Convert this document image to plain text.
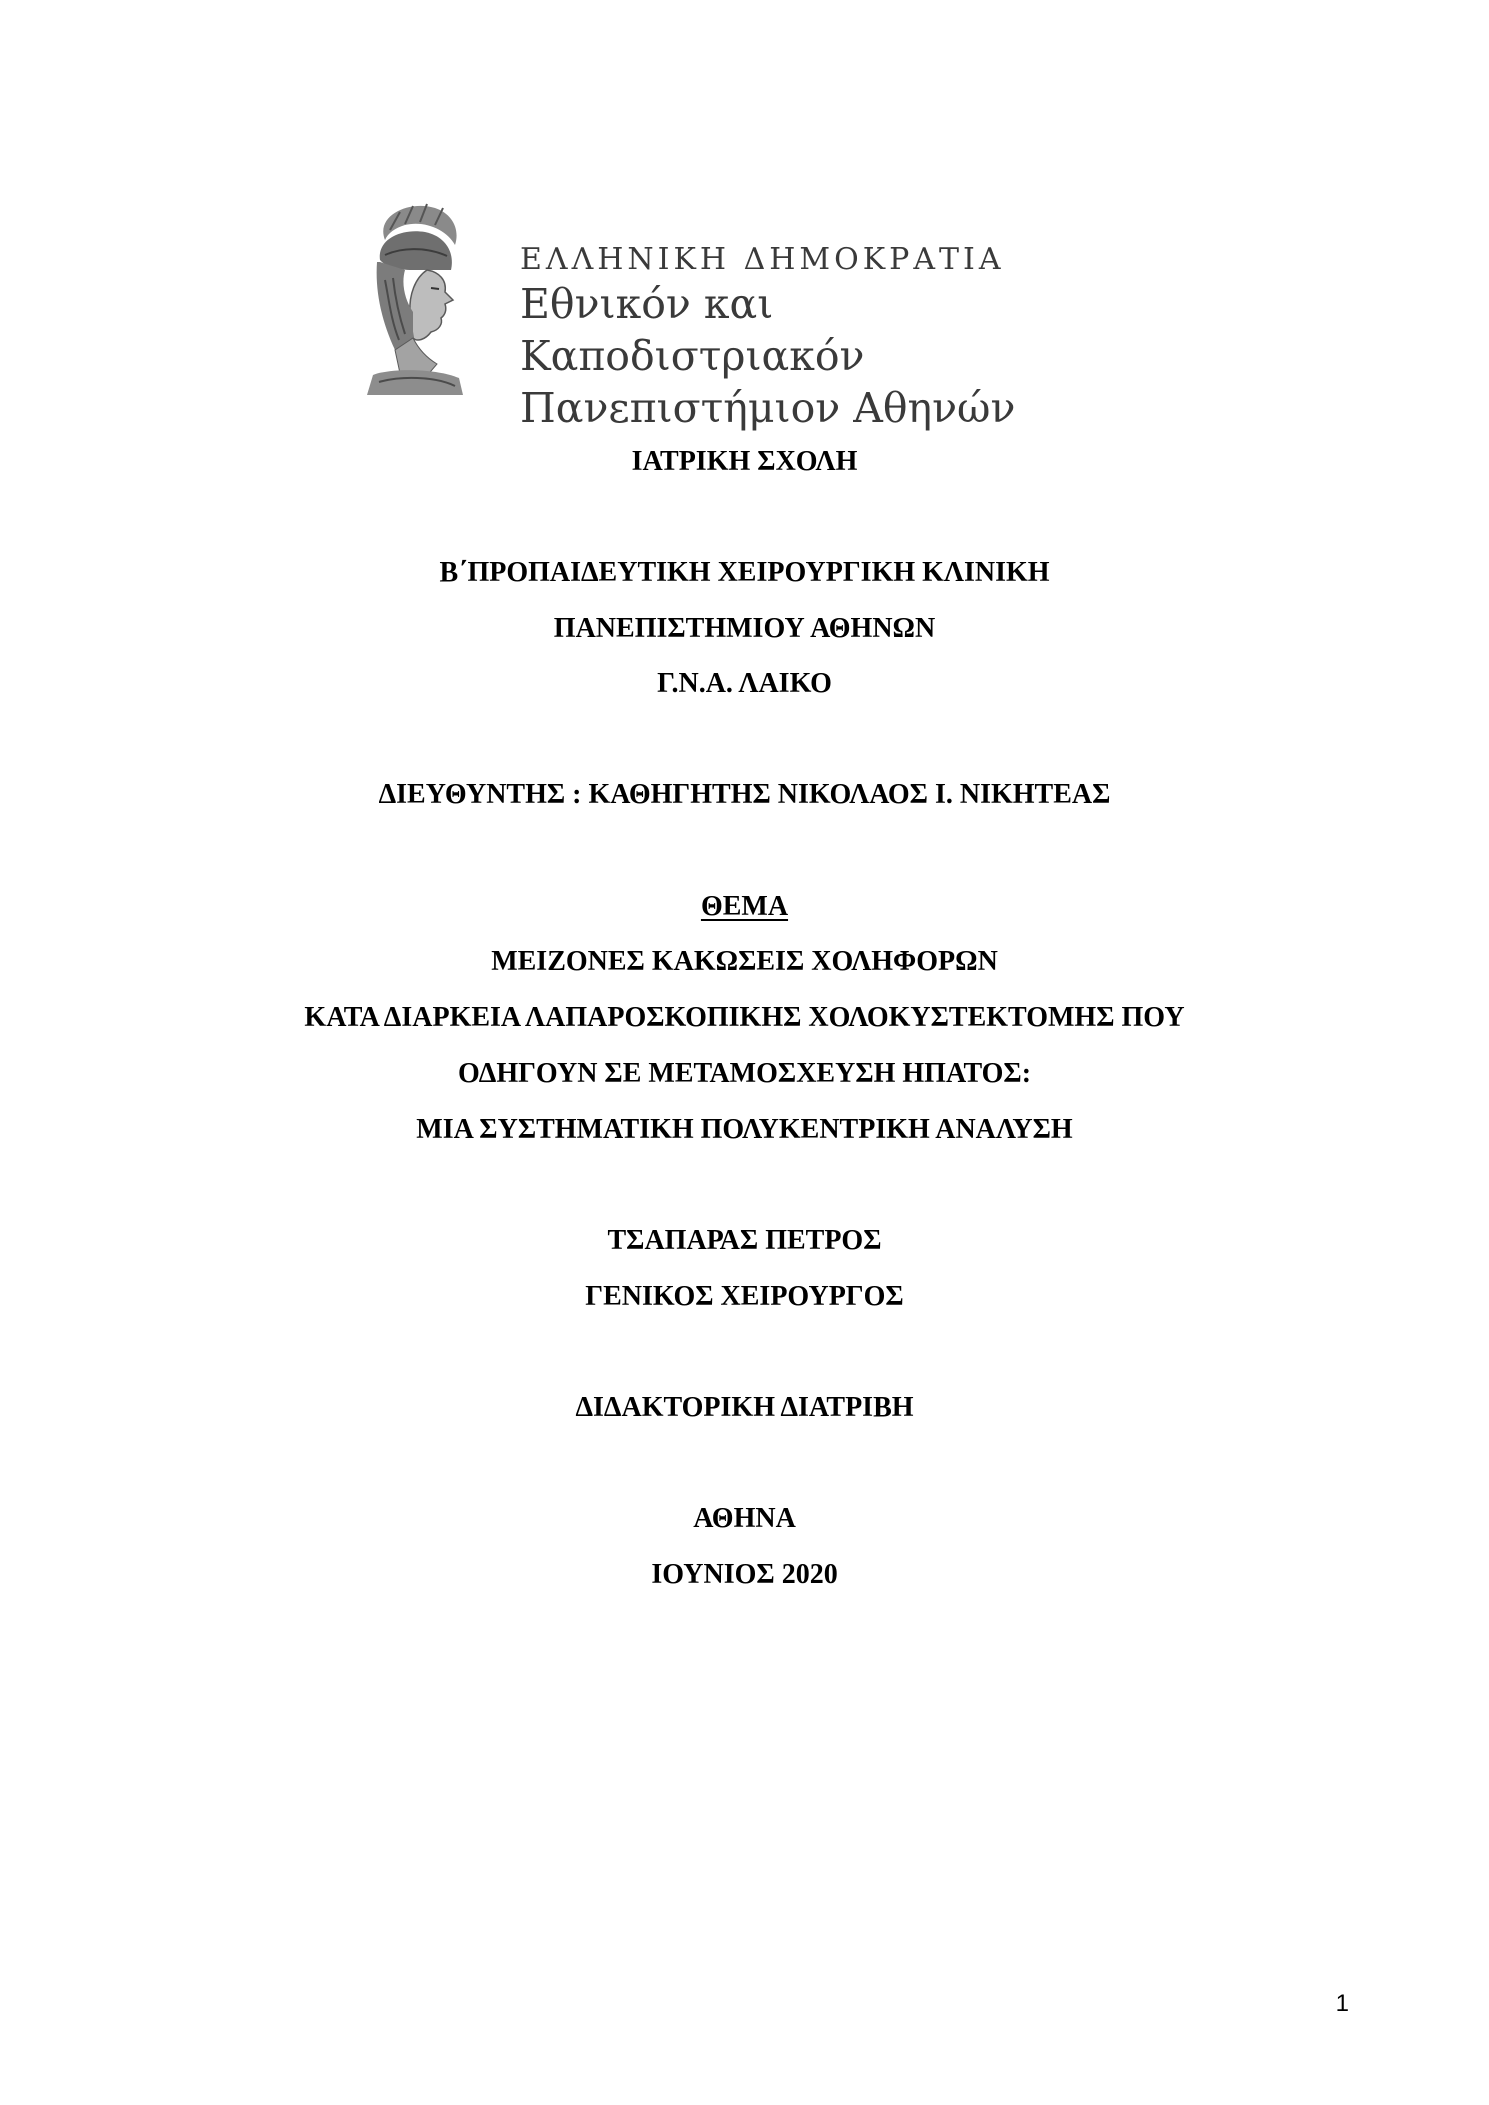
ΕΛΛΗΝΙΚΗ ΔΗΜΟΚΡΑΤΙΑ

Εθνικόν και Καποδιστριακόν

Πανεπιστήμιον Αθηνών

ΙΑΤΡΙΚΗ ΣΧΟΛΗ
Β΄ΠΡΟΠΑΙΔΕΥΤΙΚΗ ΧΕΙΡΟΥΡΓΙΚΗ ΚΛΙΝΙΚΗ
ΠΑΝΕΠΙΣΤΗΜΙΟΥ ΑΘΗΝΩΝ
Γ.Ν.Α. ΛΑΙΚΟ
ΔΙΕΥΘΥΝΤΗΣ : ΚΑΘΗΓΗΤΗΣ ΝΙΚΟΛΑΟΣ Ι. ΝΙΚΗΤΕΑΣ
ΘΕΜΑ
ΜΕΙΖΟΝΕΣ ΚΑΚΩΣΕΙΣ ΧΟΛΗΦΟΡΩΝ
ΚΑΤΑ ΔΙΑΡΚΕΙΑ ΛΑΠΑΡΟΣΚΟΠΙΚΗΣ ΧΟΛΟΚΥΣΤΕΚΤΟΜΗΣ ΠΟΥ
ΟΔΗΓΟΥΝ ΣΕ ΜΕΤΑΜΟΣΧΕΥΣΗ ΗΠΑΤΟΣ:
ΜΙΑ ΣΥΣΤΗΜΑΤΙΚΗ ΠΟΛΥΚΕΝΤΡΙΚΗ ΑΝΑΛΥΣΗ
ΤΣΑΠΑΡΑΣ ΠΕΤΡΟΣ
ΓΕΝΙΚΟΣ ΧΕΙΡΟΥΡΓΟΣ
ΔΙΔΑΚΤΟΡΙΚΗ ΔΙΑΤΡΙΒΗ
ΑΘΗΝΑ
ΙΟΥΝΙΟΣ 2020
1
